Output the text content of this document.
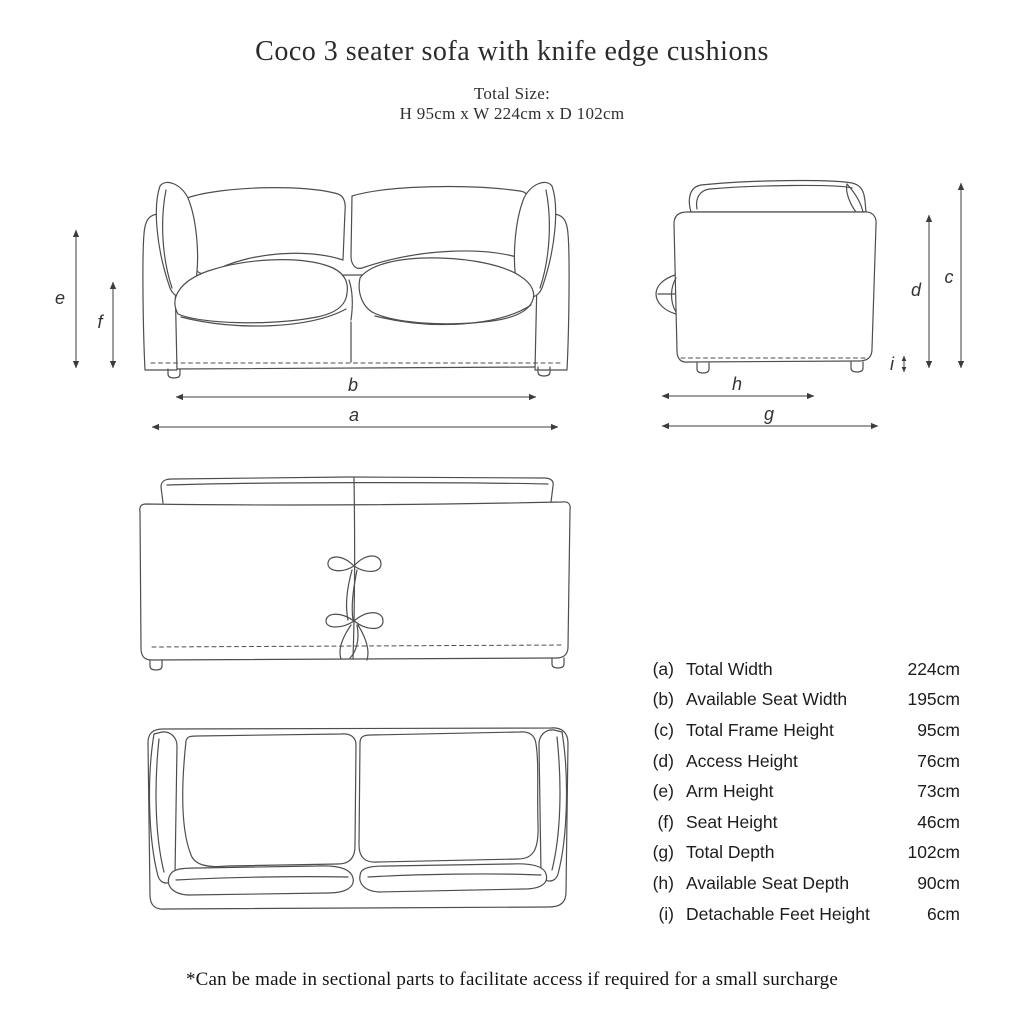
Coco 3 seater sofa with knife edge cushions
Total Size:
H 95cm x W 224cm x D 102cm
e
f
b
a
d
c
i
h
g
(a) Total Width	224cm
(b) Available Seat Width	195cm
(c) Total Frame Height	95cm
(d) Access Height	76cm
(e) Arm Height	73cm
(f) Seat Height	46cm
(g) Total Depth	102cm
(h) Available Seat Depth	90cm
(i) Detachable Feet Height	6cm
*Can be made in sectional parts to facilitate access if required for a small surcharge
